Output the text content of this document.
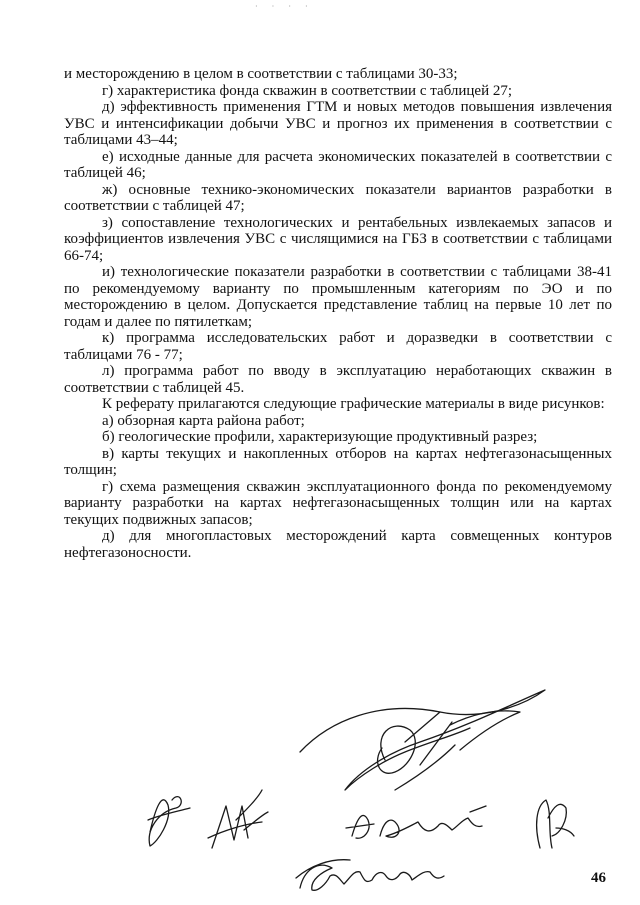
· · · ·

и месторождению в целом в соответствии с таблицами 30-33;

г) характеристика фонда скважин в соответствии с таблицей 27;

д) эффективность применения ГТМ и новых методов повышения извлечения УВС и интенсификации добычи УВС и прогноз их применения в соответствии с таблицами 43–44;

е) исходные данные для расчета экономических показателей в соответствии с таблицей 46;

ж) основные технико-экономических показатели вариантов разработки в соответствии с таблицей 47;

з) сопоставление технологических и рентабельных извлекаемых запасов и коэффициентов извлечения УВС с числящимися на ГБЗ в соответствии с таблицами 66-74;

и) технологические показатели разработки в соответствии с таблицами 38-41 по рекомендуемому варианту по промышленным категориям по ЭО и по месторождению в целом. Допускается представление таблиц на первые 10 лет по годам и далее по пятилеткам;

к) программа исследовательских работ и доразведки в соответствии с таблицами 76 - 77;

л) программа работ по вводу в эксплуатацию неработающих скважин в соответствии с таблицей 45.

К реферату прилагаются следующие графические материалы в виде рисунков:

а) обзорная карта района работ;

б) геологические профили, характеризующие продуктивный разрез;

в) карты текущих и накопленных отборов на картах нефтегазонасыщенных толщин;

г) схема размещения скважин эксплуатационного фонда по рекомендуемому варианту разработки на картах нефтегазонасыщенных толщин или на картах текущих подвижных запасов;

д) для многопластовых месторождений карта совмещенных контуров нефтегазоносности.

46
